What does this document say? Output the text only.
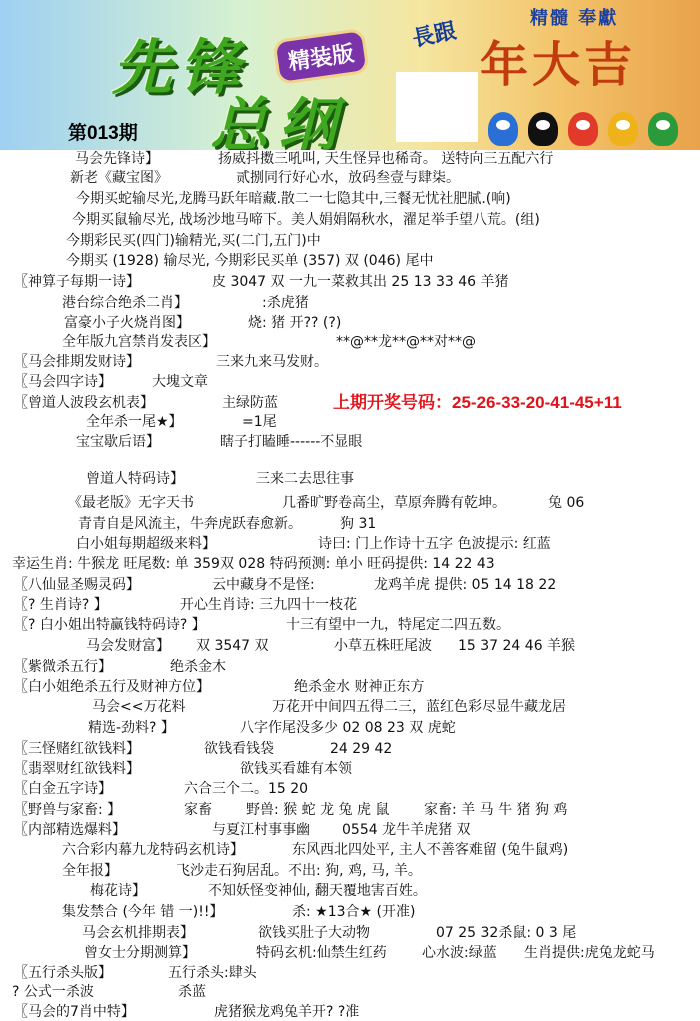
精髓 奉獻
先锋	精装版
总纲
長跟
年大吉
第013期
马会先锋诗】	扬威抖擞三吼叫, 天生怪异也稀奇。 送特向三五配六行
新老《藏宝图》	贰捌同行好心水，放码叁壹与肆柒。
今期买蛇输尽光,龙腾马跃年暗藏.散二一七隐其中,三餐无忧社肥腻.(响)
今期买鼠输尽光, 战场沙地马啼下。美人娟娟隔秋水，濯足举手望八荒。(组)
今期彩民买(四门)输精光,买(二门,五门)中
今期买 (1928) 输尽光, 今期彩民买单 (357) 双 (046) 尾中
〖神算子每期一诗】	皮 3047 双 一九一菜救其出 25 13 33 46 羊猪
港台综合绝杀二肖】	:杀虎猪
富豪小子火烧肖图】	烧: 猪 开?? (?)
全年版九宫禁肖发表区】	**@**龙**@**对**@
〖马会排期发财诗】	三来九来马发财。
〖马会四字诗】	大塊文章
〖曾道人波段玄机表】	主绿防蓝
全年杀一尾★】	=1尾
宝宝歇后语】	瞎子打瞌睡------不显眼
曾道人特码诗】	三来二去思往事
《最老版》无字天书	几番旷野卷高尘，草原奔腾有乾坤。	兔 06
青青自是风流主，牛奔虎跃春愈新。	狗 31
白小姐每期超级来料】	诗曰: 门上作诗十五字 色波提示: 红蓝
幸运生肖: 牛猴龙 旺尾数: 单 359双 028 特码预测: 单小 旺码提供: 14 22 43
〖八仙显圣赐灵码】	云中藏身不是怪:	龙鸡羊虎 提供: 05 14 18 22
〖? 生肖诗? 】	开心生肖诗: 三九四十一枝花
〖? 白小姐出特赢钱特码诗? 】	十三有望中一九，特尾定二四五数。
马会发财富】 双 3547 双	小草五株旺尾波 15 37 24 46 羊猴
〖紫微杀五行】	绝杀金木
〖白小姐绝杀五行及财神方位】	绝杀金水 财神正东方
马会<<万花料	万花开中间四五得二三，蓝红色彩尽显牛藏龙居
精选-劲料? 】	八字作尾没多少 02 08 23 双 虎蛇
〖三怪赌红欲钱料】	欲钱看钱袋	24 29 42
〖翡翠财红欲钱料】	欲钱买看雄有本领
〖白金五字诗】	六合三个二。15 20
〖野兽与家畜: 】	家畜 野兽: 猴 蛇 龙 兔 虎 鼠 家畜: 羊 马 牛 猪 狗 鸡
〖内部精选爆料】	与夏江村事事幽 0554 龙牛羊虎猪 双
六合彩内幕九龙特码玄机诗】	东风西北四处平, 主人不善客难留 (兔牛鼠鸡)
全年报】	飞沙走石狗居乱。不出: 狗, 鸡, 马, 羊。
梅花诗】	不知妖怪变神仙, 翻天覆地害百姓。
集发禁合 (今年 错 一)!!】	杀: ★13合★ (开准)
马会玄机排期表】	欲钱买肚子大动物	07 25 32杀鼠: 0 3 尾
曾女士分期测算】	特码玄机:仙禁生红药	心水波:绿蓝 生肖提供:虎兔龙蛇马
〖五行杀头版】	五行杀头:肆头
? 公式一杀波	杀蓝
〖马会的7肖中特】	虎猪猴龙鸡兔羊开? ?准
上期开奖号码：25-26-33-20-41-45+11
